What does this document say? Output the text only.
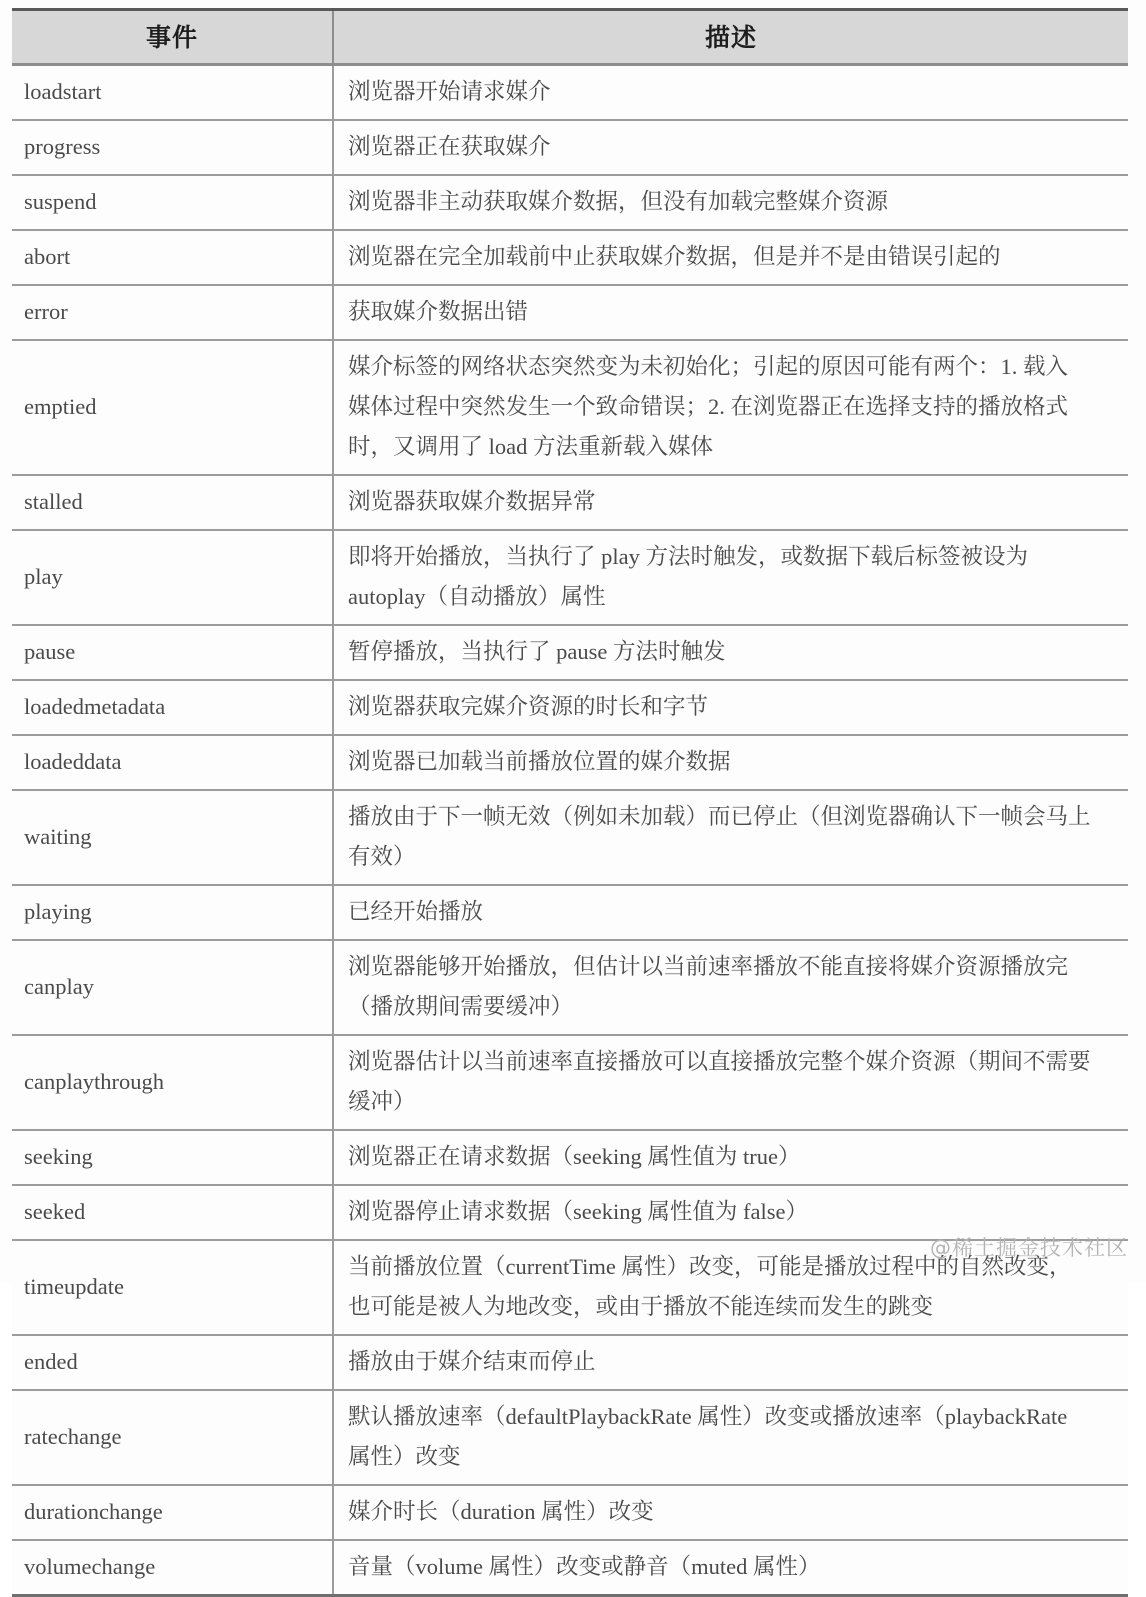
事件	描述
loadstart	浏览器开始请求媒介

progress	浏览器正在获取媒介

suspend	浏览器非主动获取媒介数据，但没有加载完整媒介资源

abort	浏览器在完全加载前中止获取媒介数据，但是并不是由错误引起的

error	获取媒介数据出错

emptied	媒介标签的网络状态突然变为未初始化；引起的原因可能有两个：1. 载入
媒体过程中突然发生一个致命错误；2. 在浏览器正在选择支持的播放格式
时，又调用了 load 方法重新载入媒体

stalled	浏览器获取媒介数据异常

play	即将开始播放，当执行了 play 方法时触发，或数据下载后标签被设为
autoplay（自动播放）属性

pause	暂停播放，当执行了 pause 方法时触发

loadedmetadata	浏览器获取完媒介资源的时长和字节

loadeddata	浏览器已加载当前播放位置的媒介数据

waiting	播放由于下一帧无效（例如未加载）而已停止（但浏览器确认下一帧会马上
有效）

playing	已经开始播放

canplay	浏览器能够开始播放，但估计以当前速率播放不能直接将媒介资源播放完
（播放期间需要缓冲）

canplaythrough	浏览器估计以当前速率直接播放可以直接播放完整个媒介资源（期间不需要
缓冲）

seeking	浏览器正在请求数据（seeking 属性值为 true）

seeked	浏览器停止请求数据（seeking 属性值为 false）

timeupdate	当前播放位置（currentTime 属性）改变，可能是播放过程中的自然改变，
也可能是被人为地改变，或由于播放不能连续而发生的跳变

ended	播放由于媒介结束而停止

ratechange	默认播放速率（defaultPlaybackRate 属性）改变或播放速率（playbackRate
属性）改变

durationchange	媒介时长（duration 属性）改变

volumechange	音量（volume 属性）改变或静音（muted 属性）
@稀土掘金技术社区
